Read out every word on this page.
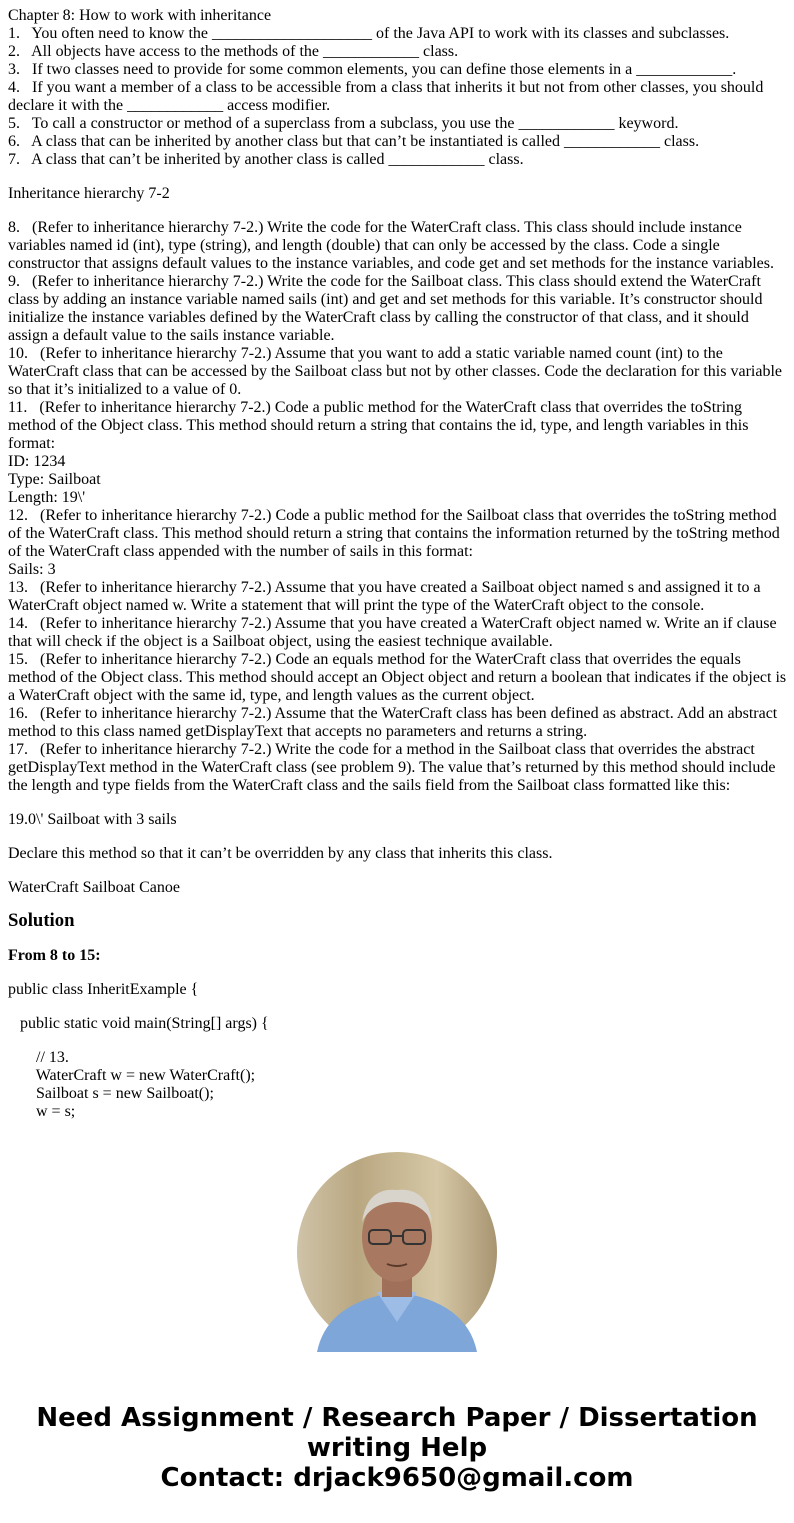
Chapter 8: How to work with inheritance
1.   You often need to know the ____________________ of the Java API to work with its classes and subclasses.
2.   All objects have access to the methods of the ____________ class.
3.   If two classes need to provide for some common elements, you can define those elements in a ____________.
4.   If you want a member of a class to be accessible from a class that inherits it but not from other classes, you should declare it with the ____________ access modifier.
5.   To call a constructor or method of a superclass from a subclass, you use the ____________ keyword.
6.   A class that can be inherited by another class but that can’t be instantiated is called ____________ class.
7.   A class that can’t be inherited by another class is called ____________ class.
Inheritance hierarchy 7-2
8.   (Refer to inheritance hierarchy 7-2.) Write the code for the WaterCraft class. This class should include instance variables named id (int), type (string), and length (double) that can only be accessed by the class. Code a single constructor that assigns default values to the instance variables, and code get and set methods for the instance variables.
9.   (Refer to inheritance hierarchy 7-2.) Write the code for the Sailboat class. This class should extend the WaterCraft class by adding an instance variable named sails (int) and get and set methods for this variable. It’s constructor should initialize the instance variables defined by the WaterCraft class by calling the constructor of that class, and it should assign a default value to the sails instance variable.
10.   (Refer to inheritance hierarchy 7-2.) Assume that you want to add a static variable named count (int) to the WaterCraft class that can be accessed by the Sailboat class but not by other classes. Code the declaration for this variable so that it’s initialized to a value of 0.
11.   (Refer to inheritance hierarchy 7-2.) Code a public method for the WaterCraft class that overrides the toString method of the Object class. This method should return a string that contains the id, type, and length variables in this format:
ID: 1234
Type: Sailboat
Length: 19\'
12.   (Refer to inheritance hierarchy 7-2.) Code a public method for the Sailboat class that overrides the toString method of the WaterCraft class. This method should return a string that contains the information returned by the toString method of the WaterCraft class appended with the number of sails in this format:
Sails: 3
13.   (Refer to inheritance hierarchy 7-2.) Assume that you have created a Sailboat object named s and assigned it to a WaterCraft object named w. Write a statement that will print the type of the WaterCraft object to the console.
14.   (Refer to inheritance hierarchy 7-2.) Assume that you have created a WaterCraft object named w. Write an if clause that will check if the object is a Sailboat object, using the easiest technique available.
15.   (Refer to inheritance hierarchy 7-2.) Code an equals method for the WaterCraft class that overrides the equals method of the Object class. This method should accept an Object object and return a boolean that indicates if the object is a WaterCraft object with the same id, type, and length values as the current object.
16.   (Refer to inheritance hierarchy 7-2.) Assume that the WaterCraft class has been defined as abstract. Add an abstract method to this class named getDisplayText that accepts no parameters and returns a string.
17.   (Refer to inheritance hierarchy 7-2.) Write the code for a method in the Sailboat class that overrides the abstract getDisplayText method in the WaterCraft class (see problem 9). The value that’s returned by this method should include the length and type fields from the WaterCraft class and the sails field from the Sailboat class formatted like this:
19.0\' Sailboat with 3 sails
Declare this method so that it can’t be overridden by any class that inherits this class.
WaterCraft Sailboat Canoe
Solution
From 8 to 15:
public class InheritExample {
public static void main(String[] args) {
// 13.
WaterCraft w = new WaterCraft();
Sailboat s = new Sailboat();
w = s;
Need Assignment / Research Paper / Dissertation writing Help
Contact: drjack9650@gmail.com
